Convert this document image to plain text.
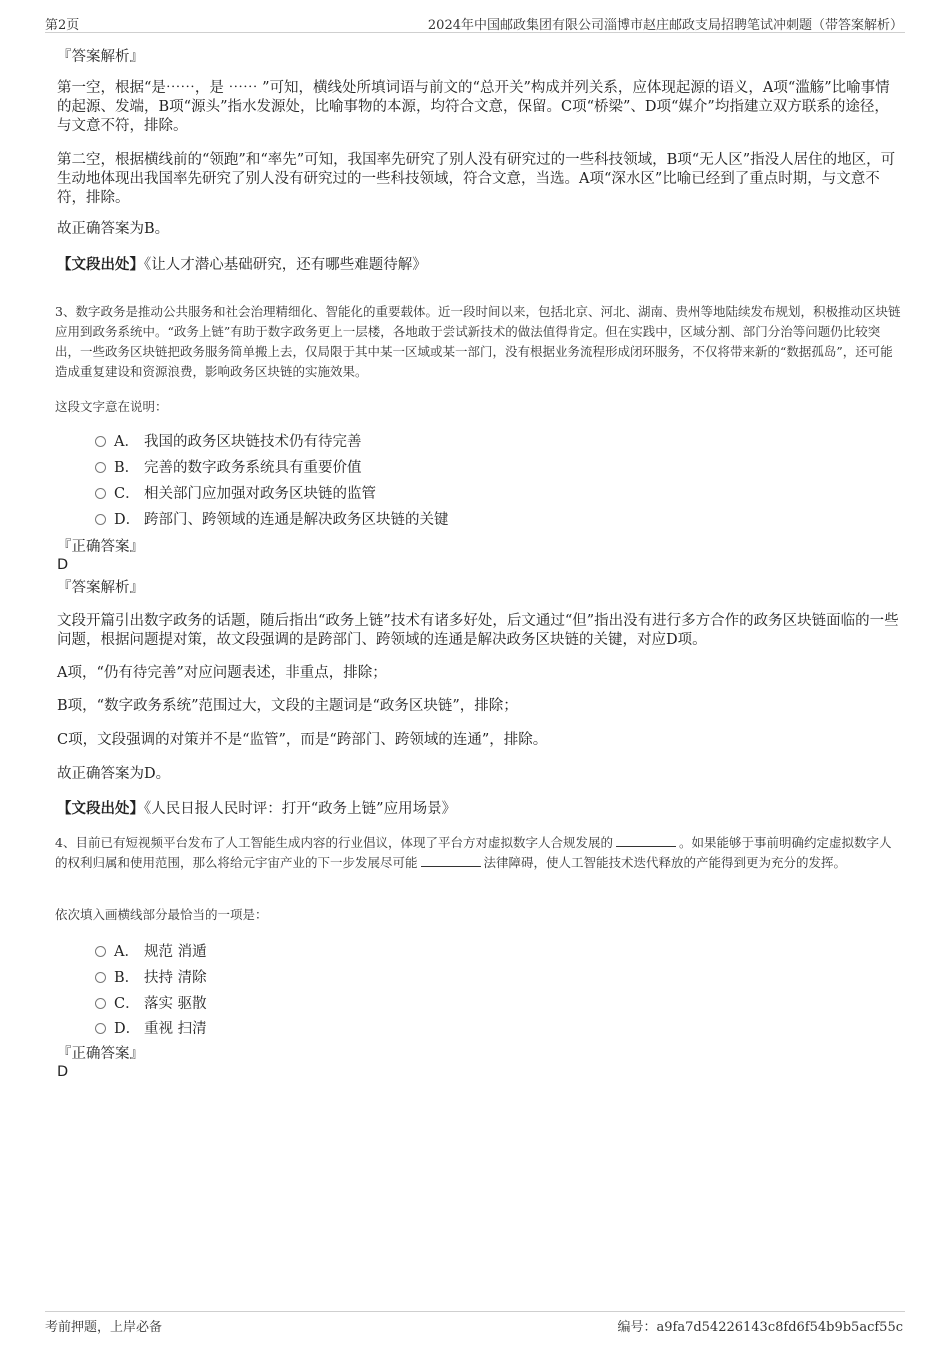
第2页	2024年中国邮政集团有限公司淄博市赵庄邮政支局招聘笔试冲刺题（带答案解析）
『答案解析』
第一空，根据“是⋯⋯，是 ⋯⋯ ”可知，横线处所填词语与前文的“总开关”构成并列关系，应体现起源的语义，A项“滥觞”比喻事情的起源、发端，B项“源头”指水发源处，比喻事物的本源，均符合文意，保留。C项“桥梁”、D项“媒介”均指建立双方联系的途径，与文意不符，排除。
第二空，根据横线前的“领跑”和“率先”可知，我国率先研究了别人没有研究过的一些科技领域，B项“无人区”指没人居住的地区，可生动地体现出我国率先研究了别人没有研究过的一些科技领域，符合文意，当选。A项“深水区”比喻已经到了重点时期，与文意不符，排除。
故正确答案为B。
【文段出处】《让人才潜心基础研究，还有哪些难题待解》
3、数字政务是推动公共服务和社会治理精细化、智能化的重要载体。近一段时间以来，包括北京、河北、湖南、贵州等地陆续发布规划，积极推动区块链应用到政务系统中。“政务上链”有助于数字政务更上一层楼，各地敢于尝试新技术的做法值得肯定。但在实践中，区域分割、部门分治等问题仍比较突出，一些政务区块链把政务服务简单搬上去，仅局限于其中某一区域或某一部门，没有根据业务流程形成闭环服务，不仅将带来新的“数据孤岛”，还可能造成重复建设和资源浪费，影响政务区块链的实施效果。
这段文字意在说明：
A． 我国的政务区块链技术仍有待完善
B． 完善的数字政务系统具有重要价值
C． 相关部门应加强对政务区块链的监管
D． 跨部门、跨领域的连通是解决政务区块链的关键
『正确答案』
D
『答案解析』
文段开篇引出数字政务的话题，随后指出“政务上链”技术有诸多好处，后文通过“但”指出没有进行多方合作的政务区块链面临的一些问题，根据问题提对策，故文段强调的是跨部门、跨领域的连通是解决政务区块链的关键，对应D项。
A项，“仍有待完善”对应问题表述，非重点，排除；
B项，“数字政务系统”范围过大，文段的主题词是“政务区块链”，排除；
C项，文段强调的对策并不是“监管”，而是“跨部门、跨领域的连通”，排除。
故正确答案为D。
【文段出处】《人民日报人民时评：打开“政务上链”应用场景》
4、目前已有短视频平台发布了人工智能生成内容的行业倡议，体现了平台方对虚拟数字人合规发展的	。如果能够于事前明确约定虚拟数字人的权利归属和使用范围，那么将给元宇宙产业的下一步发展尽可能	法律障碍，使人工智能技术迭代释放的产能得到更为充分的发挥。
依次填入画横线部分最恰当的一项是：
A． 规范 消遁
B． 扶持 清除
C． 落实 驱散
D． 重视 扫清
『正确答案』
D
考前押题，上岸必备	编号：a9fa7d54226143c8fd6f54b9b5acf55c
